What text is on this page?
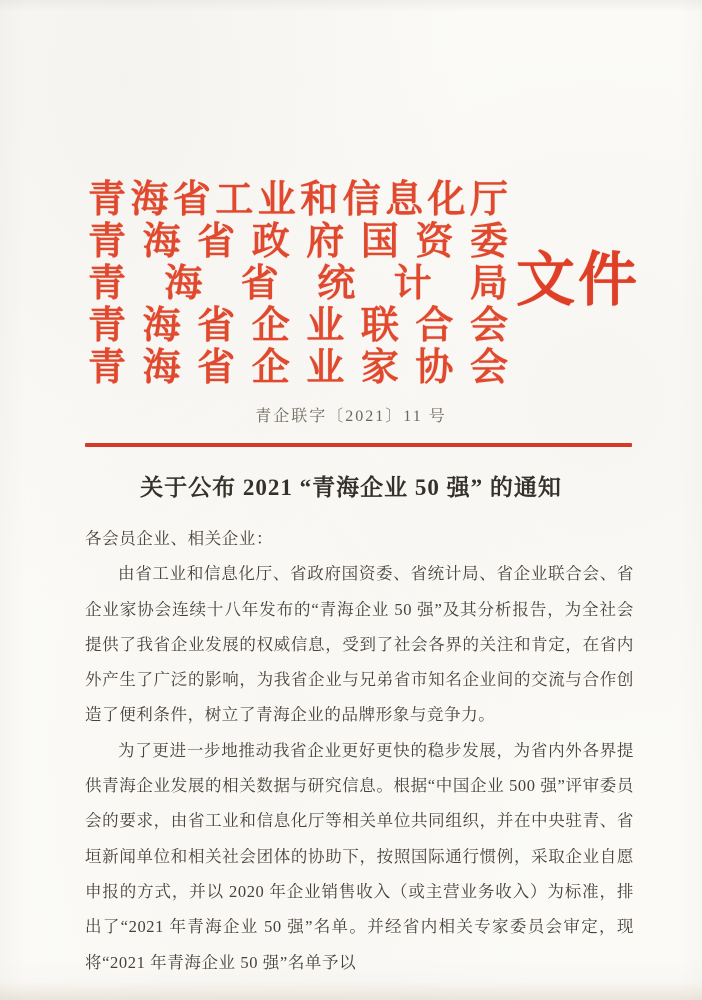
青海省工业和信息化厅
青海省政府国资委
青海省统计局
青海省企业联合会
青海省企业家协会
文件
青企联字〔2021〕11 号
关于公布 2021 “青海企业 50 强” 的通知

各会员企业、相关企业：

由省工业和信息化厅、省政府国资委、省统计局、省企业联合会、省企业家协会连续十八年发布的“青海企业 50 强”及其分析报告，为全社会提供了我省企业发展的权威信息，受到了社会各界的关注和肯定，在省内外产生了广泛的影响，为我省企业与兄弟省市知名企业间的交流与合作创造了便利条件，树立了青海企业的品牌形象与竞争力。

为了更进一步地推动我省企业更好更快的稳步发展，为省内外各界提供青海企业发展的相关数据与研究信息。根据“中国企业 500 强”评审委员会的要求，由省工业和信息化厅等相关单位共同组织，并在中央驻青、省垣新闻单位和相关社会团体的协助下，按照国际通行惯例，采取企业自愿申报的方式，并以 2020 年企业销售收入（或主营业务收入）为标准，排出了“2021 年青海企业 50 强”名单。并经省内相关专家委员会审定，现将“2021 年青海企业 50 强”名单予以
